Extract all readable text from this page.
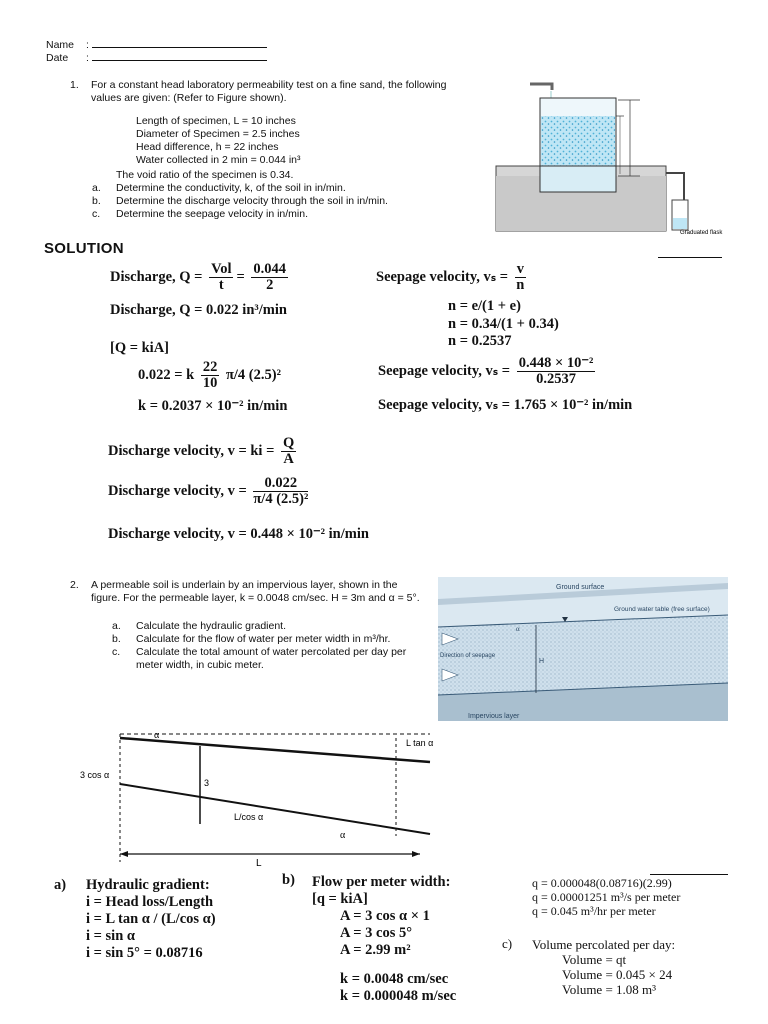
Name :
Date :
1. For a constant head laboratory permeability test on a fine sand, the following values are given: (Refer to Figure shown).
Length of specimen, L = 10 inches
Diameter of Specimen = 2.5 inches
Head difference, h = 22 inches
Water collected in 2 min = 0.044 in³
The void ratio of the specimen is 0.34.
a. Determine the conductivity, k, of the soil in in/min.
b. Determine the discharge velocity through the soil in in/min.
c. Determine the seepage velocity in in/min.
Graduated flask
SOLUTION
Discharge, $Q = \frac{\text{Vol}}{t} = \frac{0.044}{2}$
Discharge, Q = 0.022 in³/min
[Q = kiA]
0.022 = k $\frac{22}{10} \pi/4$ (2.5)²
k = 0.2037 × 10⁻² in/min
Discharge velocity, v = ki = $\frac{Q}{A}$
Discharge velocity, $v = \frac{0.022}{\text{π/4 (2.5)²}}$
Discharge velocity, v = 0.448 × 10⁻² in/min
Seepage velocity, $v_s = \frac{v}{n}$
n = e/(1 + e)
n = 0.34/(1 + 0.34)
n = 0.2537
Seepage velocity, $v_s = \frac{\text{0.448 × 10⁻²}}{0.2537}$
Seepage velocity, vₛ = 1.765 × 10⁻² in/min
2. A permeable soil is underlain by an impervious layer, shown in the figure. For the permeable layer, k = 0.0048 cm/sec. H = 3m and α = 5°.
a.	Calculate the hydraulic gradient.
b.	Calculate for the flow of water per meter width in m³/hr.
c.	Calculate the total amount of water percolated per day per meter width, in cubic meter.
Ground surface
Ground water table (free surface)
Direction of seepage
H
α
Impervious layer
α
L tan α
3 cos α
3
L/cos α
α
L
a) Hydraulic gradient:
i = Head loss/Length
i = L tan α / (L/cos α)
i = sin α
i = sin 5° = 0.08716
b) Flow per meter width:
[q = kiA]
A = 3 cos α × 1
A = 3 cos 5°
A = 2.99 m²
k = 0.0048 cm/sec
k = 0.000048 m/sec
q = 0.000048(0.08716)(2.99)
q = 0.00001251 m³/s per meter
q = 0.045 m³/hr per meter
c) Volume percolated per day:
Volume = qt
Volume = 0.045 × 24
Volume = 1.08 m³
